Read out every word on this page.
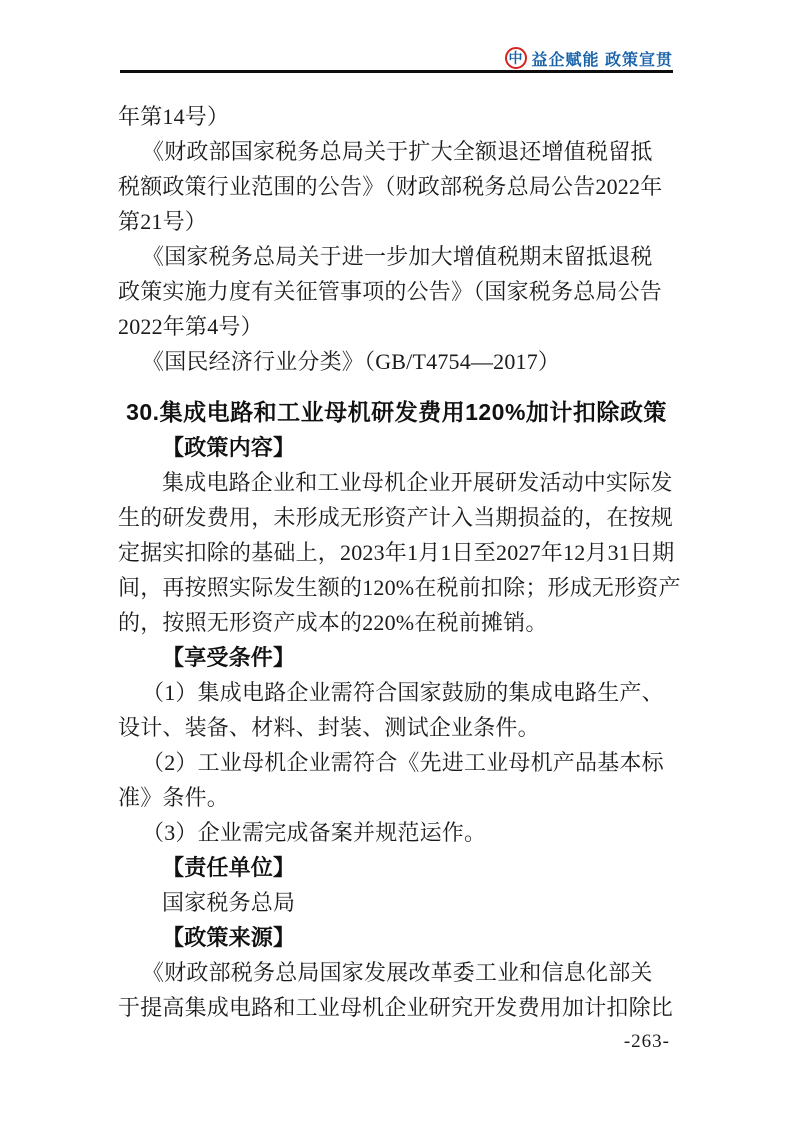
中 益企赋能 政策宣贯
年第14号）
《财政部国家税务总局关于扩大全额退还增值税留抵
税额政策行业范围的公告》（财政部税务总局公告2022年
第21号）
《国家税务总局关于进一步加大增值税期末留抵退税
政策实施力度有关征管事项的公告》（国家税务总局公告
2022年第4号）
《国民经济行业分类》（GB/T4754—2017）
30.集成电路和工业母机研发费用120%加计扣除政策
【政策内容】
集成电路企业和工业母机企业开展研发活动中实际发
生的研发费用，未形成无形资产计入当期损益的，在按规
定据实扣除的基础上，2023年1月1日至2027年12月31日期
间，再按照实际发生额的120%在税前扣除；形成无形资产
的，按照无形资产成本的220%在税前摊销。
【享受条件】
（1）集成电路企业需符合国家鼓励的集成电路生产、
设计、装备、材料、封装、测试企业条件。
（2）工业母机企业需符合《先进工业母机产品基本标
准》条件。
（3）企业需完成备案并规范运作。
【责任单位】
国家税务总局
【政策来源】
《财政部税务总局国家发展改革委工业和信息化部关
于提高集成电路和工业母机企业研究开发费用加计扣除比
-263-
